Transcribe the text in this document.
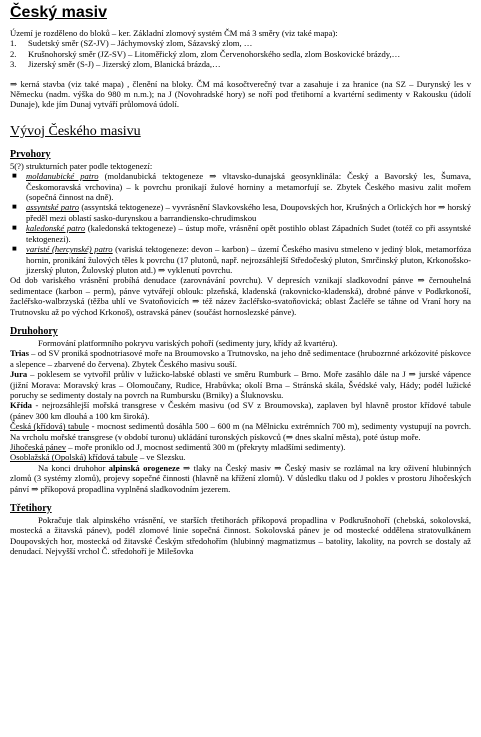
Český masiv

Území je rozděleno do bloků – ker. Základní zlomový systém ČM má 3 směry (viz také mapa):

1. Sudetský směr (SZ-JV) – Jáchymovský zlom, Sázavský zlom, …
2. Krušnohorský směr (JZ-SV) – Litoměřický zlom, zlom Červenohorského sedla, zlom Boskovické brázdy,…
3. Jizerský směr (S-J) – Jizerský zlom, Blanická brázda,…

⇒ kerná stavba (viz také mapa) , členění na bloky. ČM má kosočtverečný tvar a zasahuje i za hranice (na SZ – Durynský les v Německu (nadm. výška do 980 m n.m.); na J (Novohradské hory) se noří pod třetihorní a kvartérní sedimenty v Rakousku (údolí Dunaje), kde jím Dunaj vytváří průlomová údolí.

Vývoj Českého masivu
Prvohory

5(?) strukturních pater podle tektogenezí:

■ moldanubické patro (moldanubická tektogeneze ⇒ vltavsko-dunajská geosynklinála: Český a Bavorský les, Šumava, Českomoravská vrchovina) – k povrchu pronikají žulové horniny a metamorfují se. Zbytek Českého masivu zalit mořem (sopečná činnost na dně).
■ assyntské patro (assyntská tektogeneze) – vyvrásnění Slavkovského lesa, Doupovských hor, Krušných a Orlických hor ⇒ horský předěl mezi oblastí sasko-durynskou a barrandiensko-chrudimskou
■ kaledonské patro (kaledonská tektogeneze) – ústup moře, vrásnění opět postihlo oblast Západních Sudet (totéž co při assyntské tektogenezi).
■ varisté (hercynské) patro (variská tektogeneze: devon – karbon) – území Českého masivu stmeleno v jediný blok, metamorfóza hornin, pronikání žulových těles k povrchu (17 plutonů, např. nejrozsáhlejší Středočeský pluton, Smrčinský pluton, Krkonošsko-jizerský pluton, Žulovský pluton atd.) ⇒ vyklenutí povrchu.

Od dob variského vrásnění probíhá denudace (zarovnávání povrchu). V depresích vznikají sladkovodní pánve ⇒ černouhelná sedimentace (karbon – perm), pánve vytvářejí oblouk: plzeňská, kladenská (rakovnicko-kladenská), drobné pánve v Podkrkonoší, žacléřsko-walbrzyská (těžba uhlí ve Svatoňovicích ⇒ též název žacléřsko-svatoňovická; oblast Žacléře se táhne od Vraní hory na Trutnovsku až po východ Krkonoš), ostravská pánev (součást hornoslezské pánve).

Druhohory

Formování platformního pokryvu variských pohoří (sedimenty jury, křídy až kvartéru).

Trias – od SV proniká spodnotriasové moře na Broumovsko a Trutnovsko, na jeho dně sedimentace (hrubozrnné arkózovité pískovce a slepence – zbarvené do červena). Zbytek Českého masivu souší.

Jura – poklesem se vytvořil průliv v lužicko-labské oblasti ve směru Rumburk – Brno. Moře zasáhlo dále na J ⇒ jurské vápence (jižní Morava: Moravský kras – Olomoučany, Rudice, Hrabůvka; okolí Brna – Stránská skála, Švédské valy, Hády; podél lužické poruchy se sedimenty dostaly na povrch na Rumbursku (Brniky) a Šluknovsku.

Křída - nejrozsáhlejší mořská transgrese v Českém masivu (od SV z Broumovska), zaplaven byl hlavně prostor křídové tabule (pánev 300 km dlouhá a 100 km široká).

Česká (křídová) tabule - mocnost sedimentů dosáhla 500 – 600 m (na Mělnicku extrémních 700 m), sedimenty vystupují na povrch. Na vrcholu mořské transgrese (v období turonu) ukládání turonských pískovců (⇒ dnes skalní města), poté ústup moře.

Jihočeská pánev – moře proniklo od J, mocnost sedimentů 300 m (překryty mladšími sedimenty).

Osoblažská (Opolská) křídová tabule – ve Slezsku.

Na konci druhohor alpinská orogeneze ⇒ tlaky na Český masiv ⇒ Český masiv se rozlámal na kry oživení hlubinných zlomů (3 systémy zlomů), projevy sopečné činnosti (hlavně na křížení zlomů). V důsledku tlaku od J pokles v prostoru Jihočeských pánví ⇒ příkopová propadlina vyplněná sladkovodním jezerem.

Třetihory

Pokračuje tlak alpinského vrásnění, ve starších třetihorách příkopová propadlina v Podkrušnohoří (chebská, sokolovská, mostecká a žitavská pánev), podél zlomové linie sopečná činnost. Sokolovská pánev je od mostecké oddělena stratovulkánem Doupovských hor, mostecká od žitavské Českým středohořím (hlubinný magmatizmus – batolity, lakolity, na povrch se dostaly až denudací. Nejvyšší vrchol Č. středohoří je Milešovka
